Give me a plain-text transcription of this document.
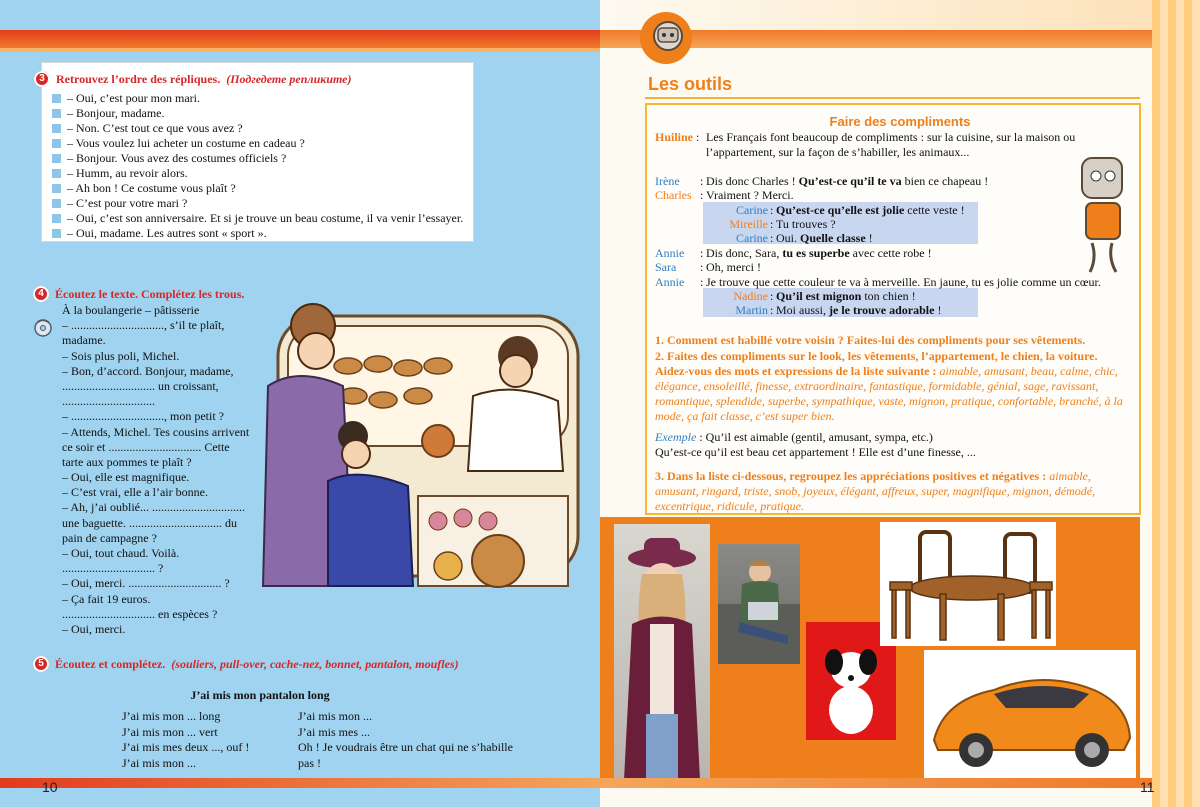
3 Retrouvez l’ordre des répliques. (Подгедете репликите)
– Oui, c’est pour mon mari.
– Bonjour, madame.
– Non. C’est tout ce que vous avez ?
– Vous voulez lui acheter un costume en cadeau ?
– Bonjour. Vous avez des costumes officiels ?
– Humm, au revoir alors.
– Ah bon ! Ce costume vous plaît ?
– C’est pour votre mari ?
– Oui, c’est son anniversaire. Et si je trouve un beau costume, il va venir l’essayer.
– Oui, madame. Les autres sont « sport ».
4 Écoutez le texte. Complétez les trous.
À la boulangerie – pâtisserie
– ..............................., s’il te plaît,
madame.
– Sois plus poli, Michel.
– Bon, d’accord. Bonjour, madame,
............................... un croissant,
...............................
– ..............................., mon petit ?
– Attends, Michel. Tes cousins arrivent
ce soir et ............................... Cette
tarte aux pommes te plaît ?
– Oui, elle est magnifique.
– C’est vrai, elle a l’air bonne.
– Ah, j’ai oublié... ...............................
une baguette. ............................... du
pain de campagne ?
– Oui, tout chaud. Voilà.
............................... ?
– Oui, merci. ............................... ?
– Ça fait 19 euros.
............................... en espèces ?
– Oui, merci.
5 Écoutez et complétez. (souliers, pull-over, cache-nez, bonnet, pantalon, moufles)
J’ai mis mon pantalon long
J’ai mis mon ... long
J’ai mis mon ... vert
J’ai mis mes deux ..., ouf !
J’ai mis mon ...
J’ai mis mon ...
J’ai mis mes ...
Oh ! Je voudrais être un chat qui ne s’habille
pas !
10
Les outils
Faire des compliments
Huiline : Les Français font beaucoup de compliments : sur la cuisine, sur la maison ou
l’appartement, sur la façon de s’habiller, les animaux...
Irène	: Dis donc Charles ! Qu’est-ce qu’il te va bien ce chapeau !
Charles : Vraiment ? Merci.
Carine : Qu’est-ce qu’elle est jolie cette veste !
Mireille : Tu trouves ?
Carine : Oui. Quelle classe !
Annie	: Dis donc, Sara, tu es superbe avec cette robe !
Sara	: Oh, merci !
Annie	: Je trouve que cette couleur te va à merveille. En jaune, tu es jolie comme un cœur.
Nadine : Qu’il est mignon ton chien !
Martin : Moi aussi, je le trouve adorable !
1. Comment est habillé votre voisin ? Faites-lui des compliments pour ses vêtements.
2. Faites des compliments sur le look, les vêtements, l’appartement, le chien, la voiture.
Aidez-vous des mots et expressions de la liste suivante : aimable, amusant, beau, calme, chic,
élégance, ensoleillé, finesse, extraordinaire, fantastique, formidable, génial, sage, ravissant,
romantique, splendide, superbe, sympathique, vaste, mignon, pratique, confortable, branché, à la
mode, ça fait classe, c’est super bien.
Exemple : Qu’il est aimable (gentil, amusant, sympa, etc.)
Qu’est-ce qu’il est beau cet appartement ! Elle est d’une finesse, ...
3. Dans la liste ci-dessous, regroupez les appréciations positives et négatives : aimable,
amusant, ringard, triste, snob, joyeux, élégant, affreux, super, magnifique, mignon, démodé,
excentrique, ridicule, pratique.
11
